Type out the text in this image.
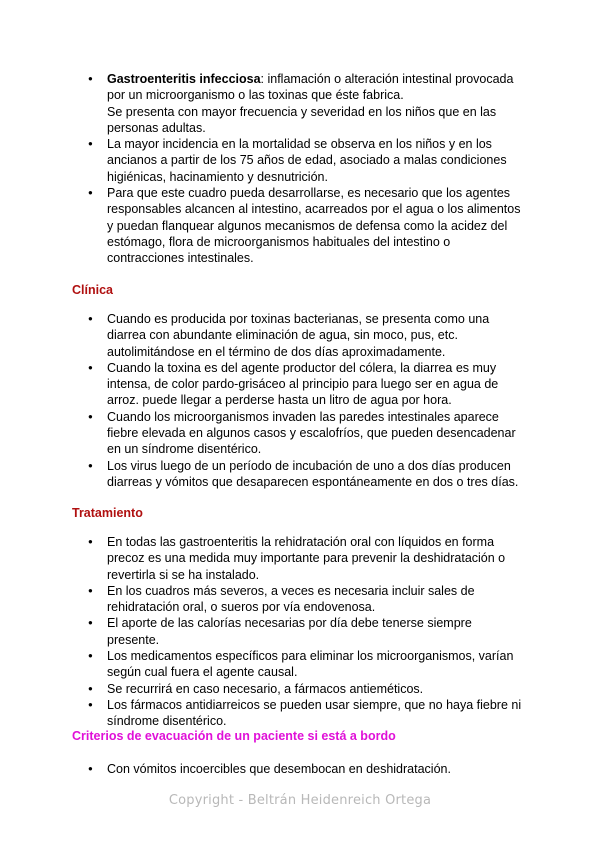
● Gastroenteritis infecciosa: inflamación o alteración intestinal provocada por un microorganismo o las toxinas que éste fabrica.
Se presenta con mayor frecuencia y severidad en los niños que en las personas adultas.
● La mayor incidencia en la mortalidad se observa en los niños y en los ancianos a partir de los 75 años de edad, asociado a malas condiciones higiénicas, hacinamiento y desnutrición.
● Para que este cuadro pueda desarrollarse, es necesario que los agentes responsables alcancen al intestino, acarreados por el agua o los alimentos y puedan flanquear algunos mecanismos de defensa como la acidez del estómago, flora de microorganismos habituales del intestino o contracciones intestinales.
Clínica
● Cuando es producida por toxinas bacterianas, se presenta como una diarrea con abundante eliminación de agua, sin moco, pus, etc. autolimitándose en el término de dos días aproximadamente.
● Cuando la toxina es del agente productor del cólera, la diarrea es muy intensa, de color pardo-grisáceo al principio para luego ser en agua de arroz. puede llegar a perderse hasta un litro de agua por hora.
● Cuando los microorganismos invaden las paredes intestinales aparece fiebre elevada en algunos casos y escalofríos, que pueden desencadenar en un síndrome disentérico.
● Los virus luego de un período de incubación de uno a dos días producen diarreas y vómitos que desaparecen espontáneamente en dos o tres días.
Tratamiento
● En todas las gastroenteritis la rehidratación oral con líquidos en forma precoz es una medida muy importante para prevenir la deshidratación o revertirla si se ha instalado.
● En los cuadros más severos, a veces es necesaria incluir sales de rehidratación oral, o sueros por vía endovenosa.
● El aporte de las calorías necesarias por día debe tenerse siempre presente.
● Los medicamentos específicos para eliminar los microorganismos, varían según cual fuera el agente causal.
● Se recurrirá en caso necesario, a fármacos antieméticos.
● Los fármacos antidiarreicos se pueden usar siempre, que no haya fiebre ni síndrome disentérico.
Criterios de evacuación de un paciente si está a bordo
● Con vómitos incoercibles que desembocan en deshidratación.
Copyright - Beltrán Heidenreich Ortega
